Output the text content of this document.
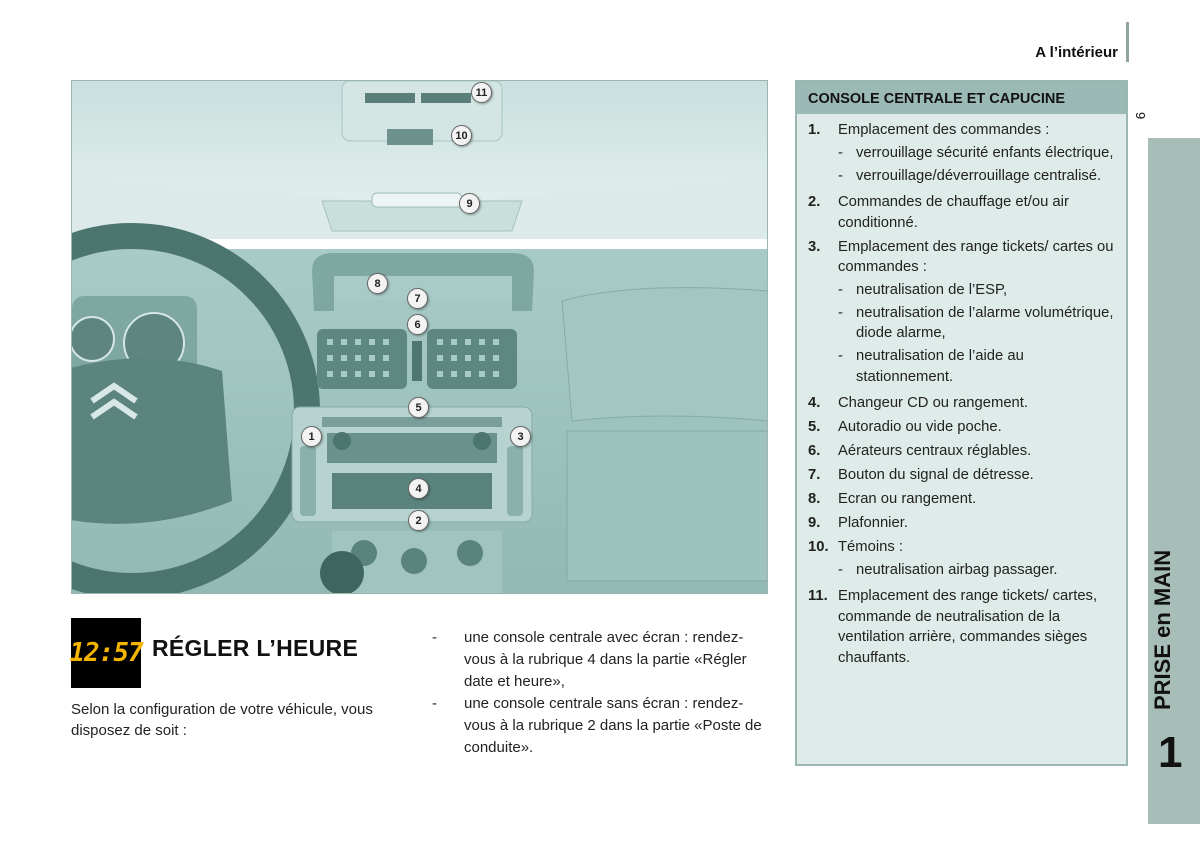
A l’intérieur
9
1
2
3
4
5
6
7
8
9
10
11
12:57 RÉGLER L’HEURE
Selon la configuration de votre véhicule, vous disposez de soit :
-	une console centrale avec écran : rendez-vous à la rubrique 4 dans la partie «Régler date et heure»,
-	une console centrale sans écran : rendez-vous à la rubrique 2 dans la partie «Poste de conduite».
CONSOLE CENTRALE ET CAPUCINE
1.	Emplacement des commandes :
- verrouillage sécurité enfants électrique,
- verrouillage/déverrouillage centralisé.
2.	Commandes de chauffage et/ou air conditionné.
3.	Emplacement des range tickets/ cartes ou commandes :
- neutralisation de l’ESP,
- neutralisation de l’alarme volumétrique, diode alarme,
- neutralisation de l’aide au stationnement.
4.	Changeur CD ou rangement.
5.	Autoradio ou vide poche.
6.	Aérateurs centraux réglables.
7.	Bouton du signal de détresse.
8.	Ecran ou rangement.
9.	Plafonnier.
10. Témoins :
- neutralisation airbag passager.
11. Emplacement des range tickets/ cartes, commande de neutralisation de la ventilation arrière, commandes sièges chauffants.	PRISE en MAIN
1
